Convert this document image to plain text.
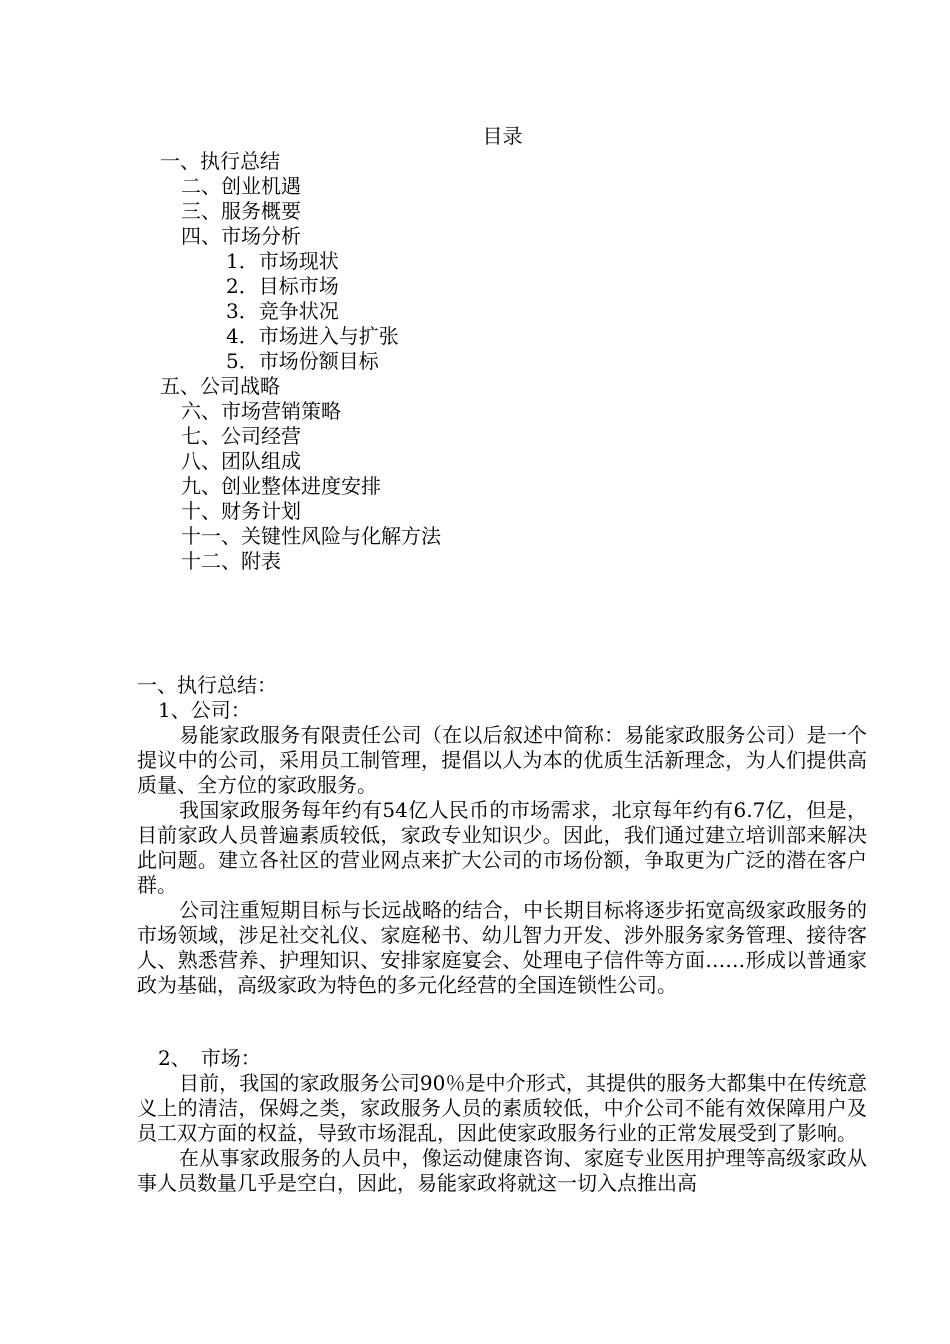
目录
一、执行总结
二、创业机遇
三、服务概要
四、市场分析
1．市场现状
2．目标市场
3．竞争状况
4．市场进入与扩张
5．市场份额目标
五、公司战略
六、市场营销策略
七、公司经营
八、团队组成
九、创业整体进度安排
十、财务计划
十一、关键性风险与化解方法
十二、附表
一、执行总结：
1、公司：

易能家政服务有限责任公司（在以后叙述中简称：易能家政服务公司）是一个提议中的公司，采用员工制管理，提倡以人为本的优质生活新理念，为人们提供高质量、全方位的家政服务。

我国家政服务每年约有54亿人民币的市场需求，北京每年约有6.7亿，但是，目前家政人员普遍素质较低，家政专业知识少。因此，我们通过建立培训部来解决此问题。建立各社区的营业网点来扩大公司的市场份额，争取更为广泛的潜在客户群。

公司注重短期目标与长远战略的结合，中长期目标将逐步拓宽高级家政服务的市场领域，涉足社交礼仪、家庭秘书、幼儿智力开发、涉外服务家务管理、接待客人、熟悉营养、护理知识、安排家庭宴会、处理电子信件等方面……形成以普通家政为基础，高级家政为特色的多元化经营的全国连锁性公司。

2、　市场：

目前，我国的家政服务公司90％是中介形式，其提供的服务大都集中在传统意义上的清洁，保姆之类，家政服务人员的素质较低，中介公司不能有效保障用户及员工双方面的权益，导致市场混乱，因此使家政服务行业的正常发展受到了影响。

在从事家政服务的人员中，像运动健康咨询、家庭专业医用护理等高级家政从事人员数量几乎是空白，因此，易能家政将就这一切入点推出高
